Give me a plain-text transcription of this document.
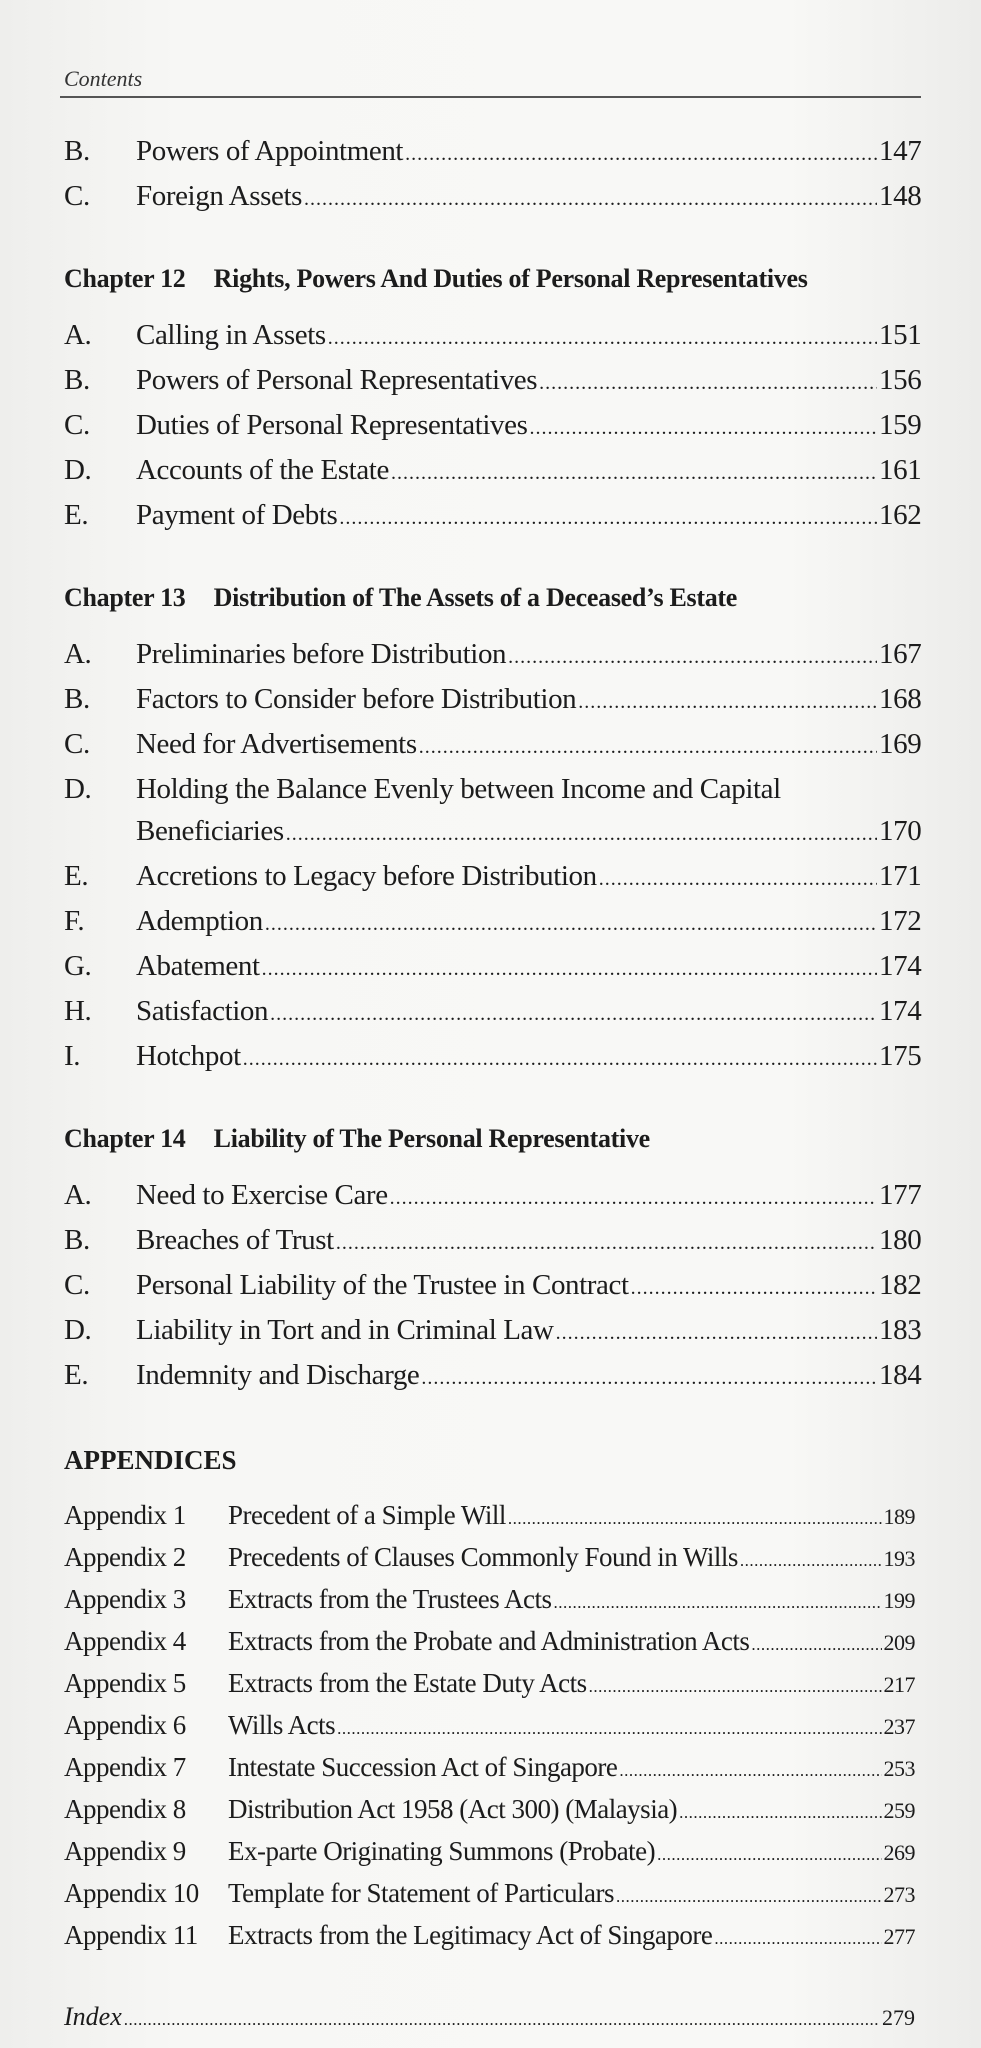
Contents
B.	Powers of Appointment .....	147
C.	Foreign Assets .....	148
Chapter 12 Rights, Powers And Duties of Personal Representatives
A.	Calling in Assets .....	151
B.	Powers of Personal Representatives .....	156
C.	Duties of Personal Representatives .....	159
D.	Accounts of the Estate .....	161
E.	Payment of Debts .....	162
Chapter 13 Distribution of The Assets of a Deceased’s Estate
A.	Preliminaries before Distribution .....	167
B.	Factors to Consider before Distribution .....	168
C.	Need for Advertisements .....	169
D.	Holding the Balance Evenly between Income and Capital
Beneficiaries .....	170
E.	Accretions to Legacy before Distribution .....	171
F.	Ademption .....	172
G.	Abatement .....	174
H.	Satisfaction .....	174
I.	Hotchpot .....	175
Chapter 14 Liability of The Personal Representative
A.	Need to Exercise Care .....	177
B.	Breaches of Trust .....	180
C.	Personal Liability of the Trustee in Contract .....	182
D.	Liability in Tort and in Criminal Law .....	183
E.	Indemnity and Discharge .....	184
APPENDICES
Appendix 1	Precedent of a Simple Will .....	189
Appendix 2	Precedents of Clauses Commonly Found in Wills .....	193
Appendix 3	Extracts from the Trustees Acts .....	199
Appendix 4	Extracts from the Probate and Administration Acts .....	209
Appendix 5	Extracts from the Estate Duty Acts .....	217
Appendix 6	Wills Acts .....	237
Appendix 7	Intestate Succession Act of Singapore .....	253
Appendix 8	Distribution Act 1958 (Act 300) (Malaysia) .....	259
Appendix 9	Ex-parte Originating Summons (Probate) .....	269
Appendix 10	Template for Statement of Particulars .....	273
Appendix 11	Extracts from the Legitimacy Act of Singapore .....	277
Index .....	279
